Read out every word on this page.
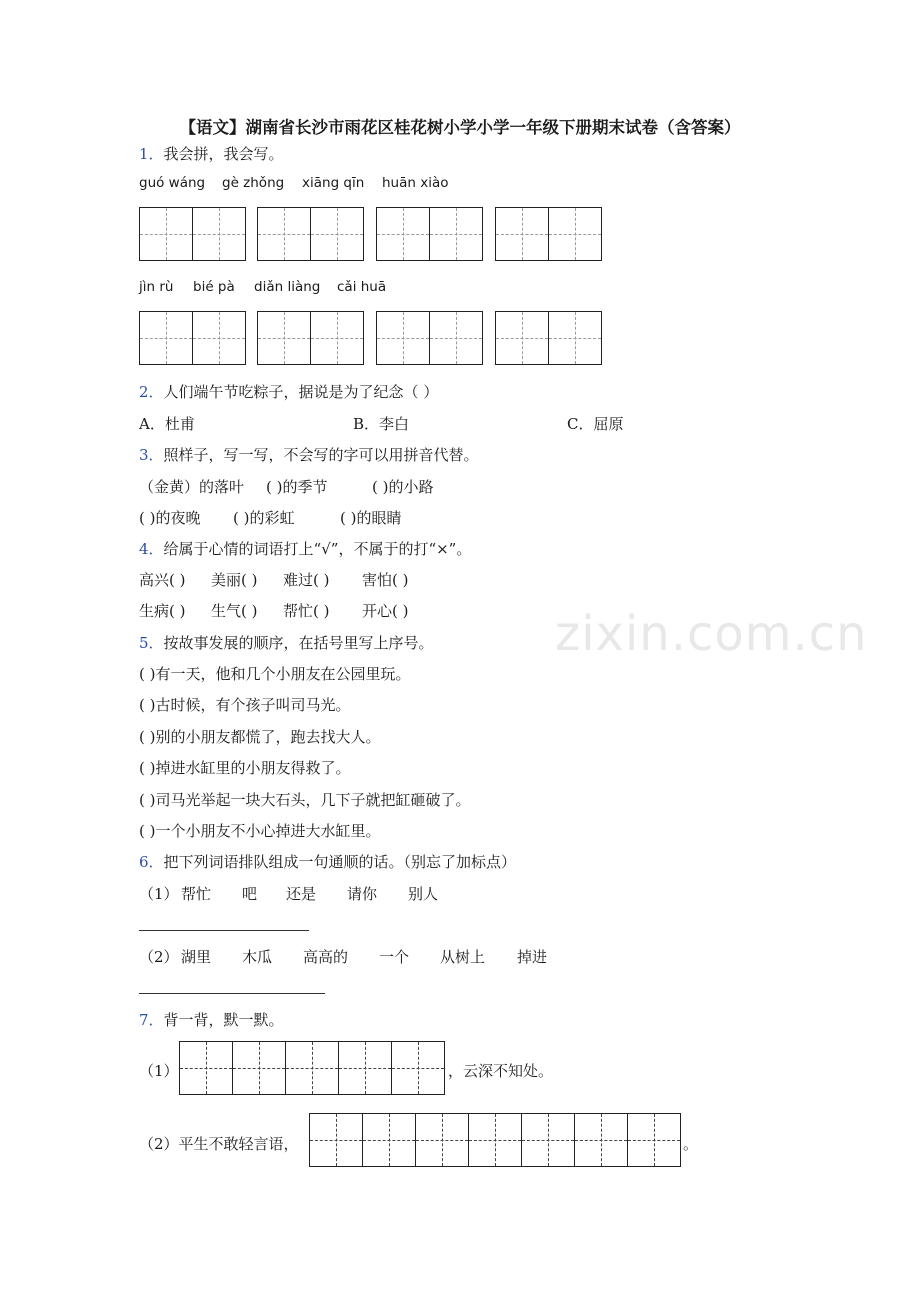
【语文】湖南省长沙市雨花区桂花树小学小学一年级下册期末试卷（含答案）
zixin.com.cn
1．我会拼，我会写。
guó wáng gè zhǒng xiāng qīn huān xiào
jìn rù bié pà diǎn liàng cǎi huā
2．人们端午节吃粽子，据说是为了纪念（ ）
A．杜甫	B．李白	C．屈原
3．照样子，写一写，不会写的字可以用拼音代替。
（金黄）的落叶 ( )的季节	( )的小路
( )的夜晚 ( )的彩虹	( )的眼睛
4．给属于心情的词语打上“√”，不属于的打“×”。
高兴( ) 美丽( ) 难过( ) 害怕( )
生病( ) 生气( ) 帮忙( ) 开心( )
5．按故事发展的顺序，在括号里写上序号。
( )有一天，他和几个小朋友在公园里玩。
( )古时候，有个孩子叫司马光。
( )别的小朋友都慌了，跑去找大人。
( )掉进水缸里的小朋友得救了。
( )司马光举起一块大石头，几下子就把缸砸破了。
( )一个小朋友不小心掉进大水缸里。
6．把下列词语排队组成一句通顺的话。（别忘了加标点）
（1） 帮忙 吧 还是 请你 别人
（2） 湖里 木瓜 高高的 一个 从树上 掉进
7．背一背，默一默。
（1）	，云深不知处。
（2）平生不敢轻言语，	。
